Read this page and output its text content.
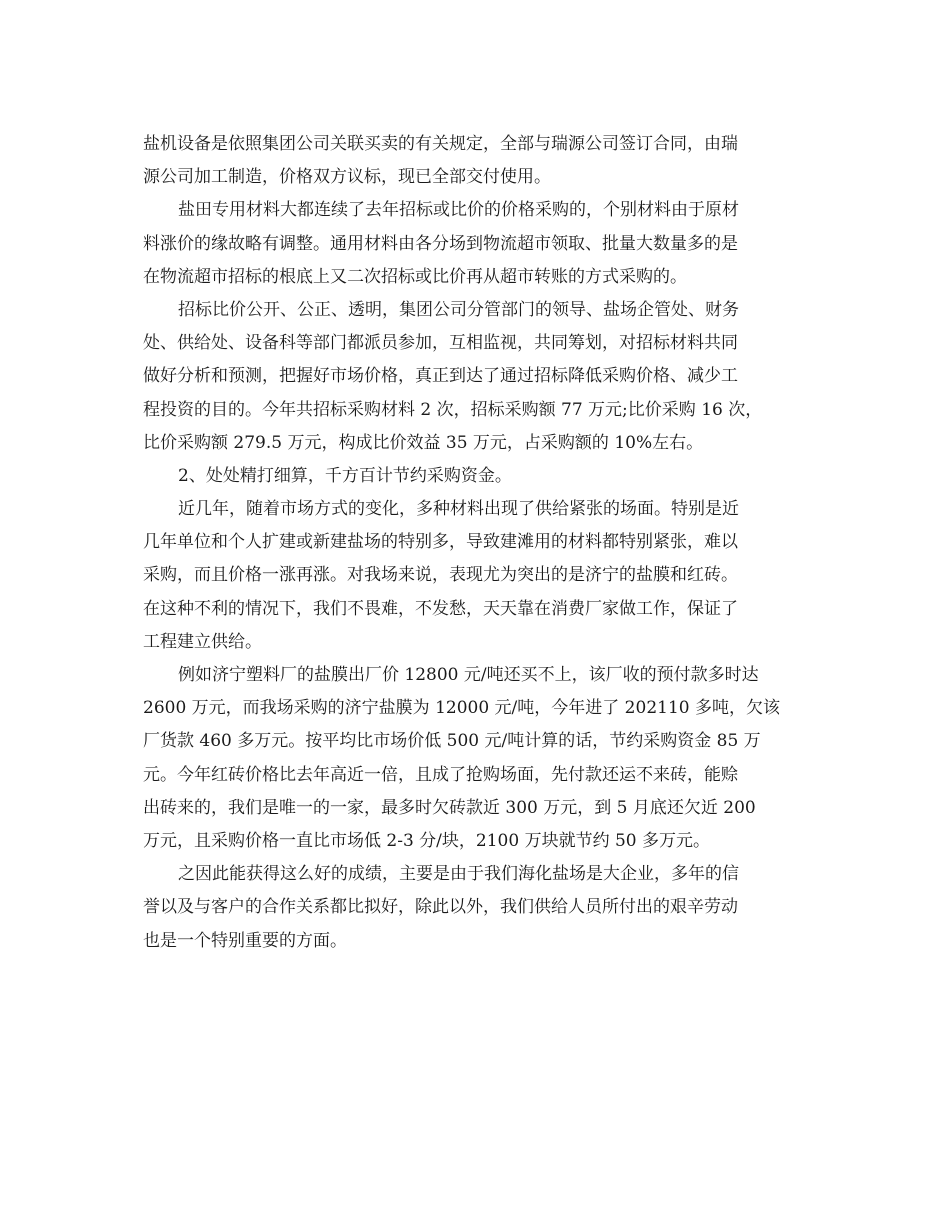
盐机设备是依照集团公司关联买卖的有关规定，全部与瑞源公司签订合同，由瑞
源公司加工制造，价格双方议标，现已全部交付使用。
盐田专用材料大都连续了去年招标或比价的价格采购的，个别材料由于原材
料涨价的缘故略有调整。通用材料由各分场到物流超市领取、批量大数量多的是
在物流超市招标的根底上又二次招标或比价再从超市转账的方式采购的。
招标比价公开、公正、透明，集团公司分管部门的领导、盐场企管处、财务
处、供给处、设备科等部门都派员参加，互相监视，共同筹划，对招标材料共同
做好分析和预测，把握好市场价格，真正到达了通过招标降低采购价格、减少工
程投资的目的。今年共招标采购材料 2 次，招标采购额 77 万元;比价采购 16 次，
比价采购额 279.5 万元，构成比价效益 35 万元，占采购额的 10%左右。
2、处处精打细算，千方百计节约采购资金。
近几年，随着市场方式的变化，多种材料出现了供给紧张的场面。特别是近
几年单位和个人扩建或新建盐场的特别多，导致建滩用的材料都特别紧张，难以
采购，而且价格一涨再涨。对我场来说，表现尤为突出的是济宁的盐膜和红砖。
在这种不利的情况下，我们不畏难，不发愁，天天靠在消费厂家做工作，保证了
工程建立供给。
例如济宁塑料厂的盐膜出厂价 12800 元/吨还买不上，该厂收的预付款多时达
2600 万元，而我场采购的济宁盐膜为 12000 元/吨，今年进了 202110 多吨，欠该
厂货款 460 多万元。按平均比市场价低 500 元/吨计算的话，节约采购资金 85 万
元。今年红砖价格比去年高近一倍，且成了抢购场面，先付款还运不来砖，能赊
出砖来的，我们是唯一的一家，最多时欠砖款近 300 万元，到 5 月底还欠近 200
万元，且采购价格一直比市场低 2-3 分/块，2100 万块就节约 50 多万元。
之因此能获得这么好的成绩，主要是由于我们海化盐场是大企业，多年的信
誉以及与客户的合作关系都比拟好，除此以外，我们供给人员所付出的艰辛劳动
也是一个特别重要的方面。
